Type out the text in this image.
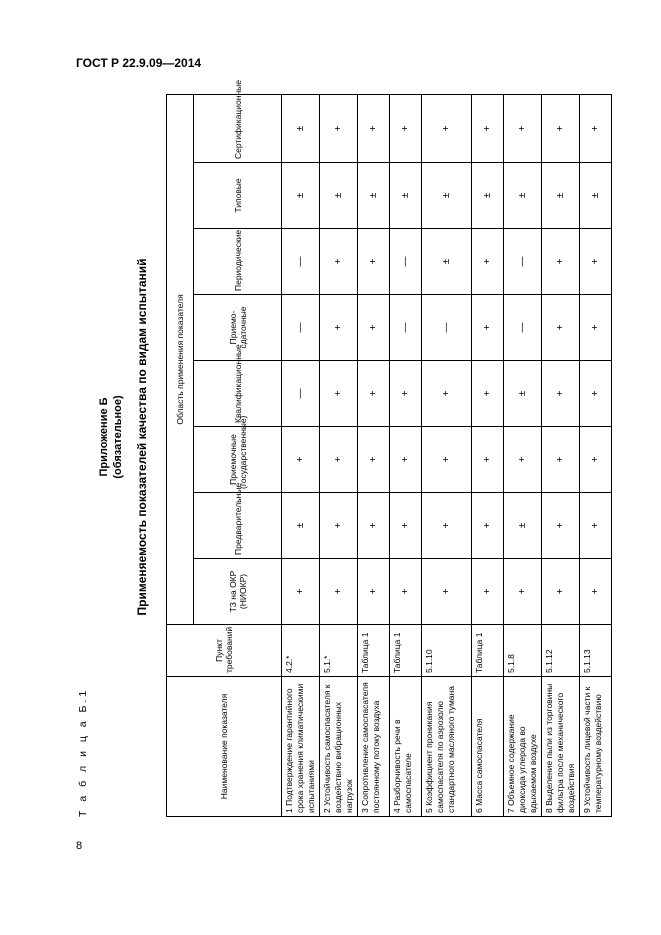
ГОСТ Р 22.9.09—2014
Т а б л и ц а Б.1
Приложение Б (обязательное) Применяемость показателей качества по видам испытаний
Наименование показателя	Пункт требований	Область применения показателя							
		ТЗ на ОКР (НИОКР)	Предварительные	Приемочные (государственные)	Квалификационные	Приемо-сдаточные	Периодические	Типовые	Сертификационные
1 Подтверждение гарантийного срока хранения климатическими испытаниями	4.2.*	+	±	+	—	—	—	±	±
2 Устойчивость самоспасателя к воздействию вибрационных нагрузок	5.1.*	+	+	+	+	+	+	±	+
3 Сопротивление самоспасателя постоянному потоку воздуха	Таблица 1	+	+	+	+	+	+	±	+
4 Разборчивость речи в самоспасателе	Таблица 1	+	+	+	+	—	—	±	+
5 Коэффициент проникания самоспасателя по аэрозолю стандартного масляного тумана	5.1.10	+	+	+	+	—	±	±	+
6 Масса самоспасателя	Таблица 1	+	+	+	+	+	+	±	+
7 Объемное содержание диоксида углерода во вдыхаемом воздухе	5.1.8	+	±	+	±	—	—	±	+
8 Выделение пыли из торговины фильтра после механического воздействия	5.1.12	+	+	+	+	+	+	±	+
9 Устойчивость лицевой части к температурному воздействию	5.1.13	+	+	+	+	+	+	±	+
8
